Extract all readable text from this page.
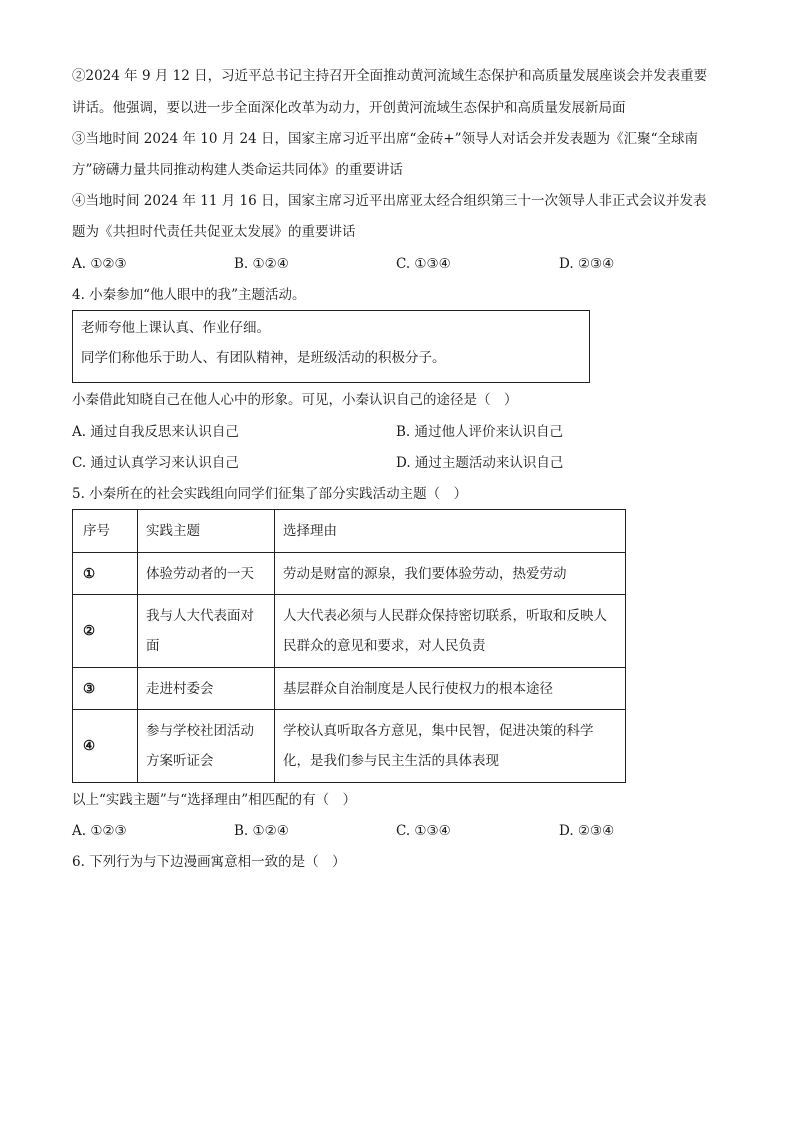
②2024 年 9 月 12 日，习近平总书记主持召开全面推动黄河流域生态保护和高质量发展座谈会并发表重要
讲话。他强调，要以进一步全面深化改革为动力，开创黄河流域生态保护和高质量发展新局面
③当地时间 2024 年 10 月 24 日，国家主席习近平出席“金砖+”领导人对话会并发表题为《汇聚“全球南
方”磅礴力量共同推动构建人类命运共同体》的重要讲话
④当地时间 2024 年 11 月 16 日，国家主席习近平出席亚太经合组织第三十一次领导人非正式会议并发表
题为《共担时代责任共促亚太发展》的重要讲话
A. ①②③	B. ①②④	C. ①③④	D. ②③④
4. 小秦参加“他人眼中的我”主题活动。
老师夸他上课认真、作业仔细。
同学们称他乐于助人、有团队精神，是班级活动的积极分子。
小秦借此知晓自己在他人心中的形象。可见，小秦认识自己的途径是（　）
A. 通过自我反思来认识自己	B. 通过他人评价来认识自己
C. 通过认真学习来认识自己	D. 通过主题活动来认识自己
5. 小秦所在的社会实践组向同学们征集了部分实践活动主题（　）
序号	实践主题	选择理由
①	体验劳动者的一天	劳动是财富的源泉，我们要体验劳动，热爱劳动
②	我与人大代表面对面	人大代表必须与人民群众保持密切联系，听取和反映人民群众的意见和要求，对人民负责
③	走进村委会	基层群众自治制度是人民行使权力的根本途径
④	参与学校社团活动方案听证会	学校认真听取各方意见，集中民智，促进决策的科学化，是我们参与民主生活的具体表现
以上“实践主题”与“选择理由”相匹配的有（　）
A. ①②③	B. ①②④	C. ①③④	D. ②③④
6. 下列行为与下边漫画寓意相一致的是（　）
